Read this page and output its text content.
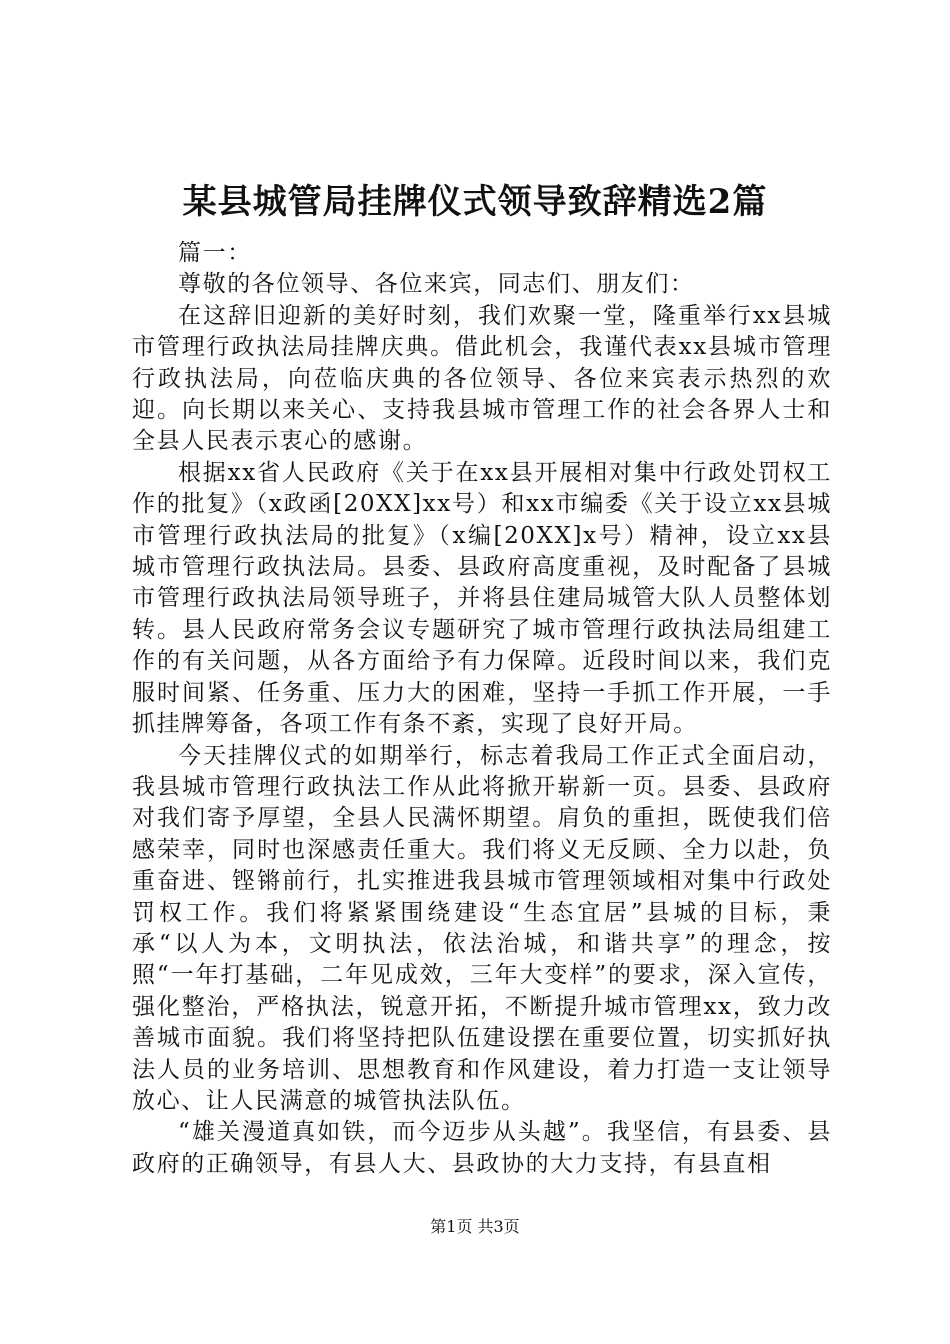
某县城管局挂牌仪式领导致辞精选2篇

篇一：

尊敬的各位领导、各位来宾，同志们、朋友们：

在这辞旧迎新的美好时刻，我们欢聚一堂，隆重举行xx县城市管理行政执法局挂牌庆典。借此机会，我谨代表xx县城市管理行政执法局，向莅临庆典的各位领导、各位来宾表示热烈的欢迎。向长期以来关心、支持我县城市管理工作的社会各界人士和全县人民表示衷心的感谢。

根据xx省人民政府《关于在xx县开展相对集中行政处罚权工作的批复》（x政函[20XX]xx号）和xx市编委《关于设立xx县城市管理行政执法局的批复》（x编[20XX]x号）精神，设立xx县城市管理行政执法局。县委、县政府高度重视，及时配备了县城市管理行政执法局领导班子，并将县住建局城管大队人员整体划转。县人民政府常务会议专题研究了城市管理行政执法局组建工作的有关问题，从各方面给予有力保障。近段时间以来，我们克服时间紧、任务重、压力大的困难，坚持一手抓工作开展，一手抓挂牌筹备，各项工作有条不紊，实现了良好开局。

今天挂牌仪式的如期举行，标志着我局工作正式全面启动，我县城市管理行政执法工作从此将掀开崭新一页。县委、县政府对我们寄予厚望，全县人民满怀期望。肩负的重担，既使我们倍感荣幸，同时也深感责任重大。我们将义无反顾、全力以赴，负重奋进、铿锵前行，扎实推进我县城市管理领域相对集中行政处罚权工作。我们将紧紧围绕建设“生态宜居”县城的目标，秉承“以人为本，文明执法，依法治城，和谐共享”的理念，按照“一年打基础，二年见成效，三年大变样”的要求，深入宣传，强化整治，严格执法，锐意开拓，不断提升城市管理xx，致力改善城市面貌。我们将坚持把队伍建设摆在重要位置，切实抓好执法人员的业务培训、思想教育和作风建设，着力打造一支让领导放心、让人民满意的城管执法队伍。

“雄关漫道真如铁，而今迈步从头越”。我坚信，有县委、县政府的正确领导，有县人大、县政协的大力支持，有县直相

第1页 共3页
